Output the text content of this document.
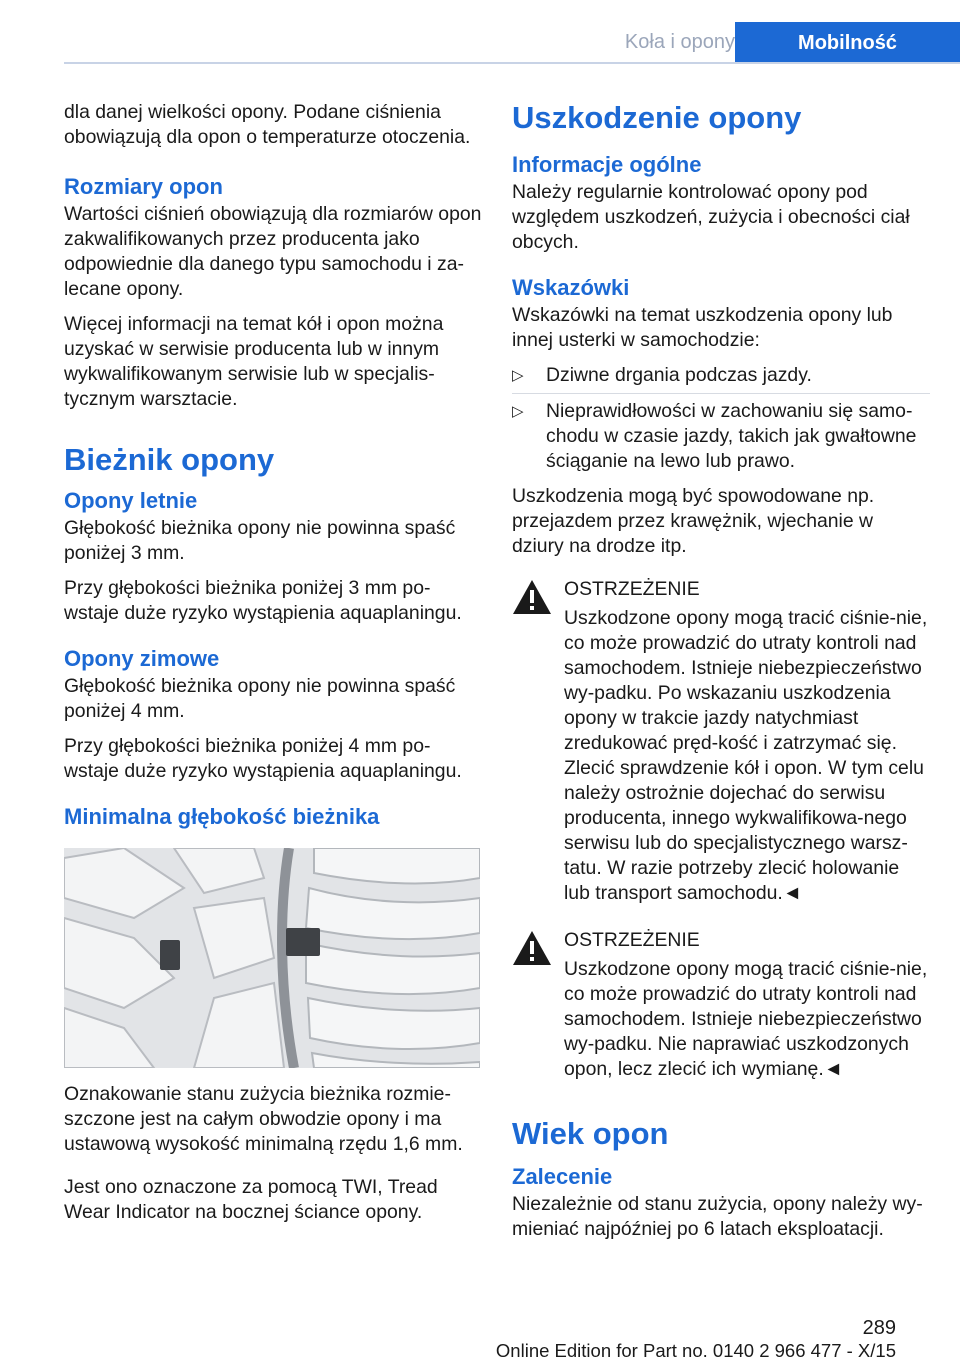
Koła i opony	Mobilność

dla danej wielkości opony. Podane ciśnienia obowiązują dla opon o temperaturze otoczenia.

Rozmiary opon

Wartości ciśnień obowiązują dla rozmiarów opon zakwalifikowanych przez producenta jako odpowiednie dla danego typu samochodu i za‐lecane opony.

Więcej informacji na temat kół i opon można uzyskać w serwisie producenta lub w innym wykwalifikowanym serwisie lub w specjalis‐tycznym warsztacie.

Bieżnik opony
Opony letnie

Głębokość bieżnika opony nie powinna spaść poniżej 3 mm.

Przy głębokości bieżnika poniżej 3 mm po‐wstaje duże ryzyko wystąpienia aquaplaningu.

Opony zimowe

Głębokość bieżnika opony nie powinna spaść poniżej 4 mm.

Przy głębokości bieżnika poniżej 4 mm po‐wstaje duże ryzyko wystąpienia aquaplaningu.

Minimalna głębokość bieżnika

Oznakowanie stanu zużycia bieżnika rozmie‐szczone jest na całym obwodzie opony i ma ustawową wysokość minimalną rzędu 1,6 mm.

Jest ono oznaczone za pomocą TWI, Tread Wear Indicator na bocznej ściance opony.

Uszkodzenie opony
Informacje ogólne

Należy regularnie kontrolować opony pod względem uszkodzeń, zużycia i obecności ciał obcych.

Wskazówki

Wskazówki na temat uszkodzenia opony lub innej usterki w samochodzie:

▷ Dziwne drgania podczas jazdy.
▷ Nieprawidłowości w zachowaniu się samo‐chodu w czasie jazdy, takich jak gwałtowne ściąganie na lewo lub prawo.

Uszkodzenia mogą być spowodowane np. przejazdem przez krawężnik, wjechanie w dziury na drodze itp.

OSTRZEŻENIE
Uszkodzone opony mogą tracić ciśnie‐nie, co może prowadzić do utraty kontroli nad samochodem. Istnieje niebezpieczeństwo wy‐padku. Po wskazaniu uszkodzenia opony w trakcie jazdy natychmiast zredukować pręd‐kość i zatrzymać się. Zlecić sprawdzenie kół i opon. W tym celu należy ostrożnie dojechać do serwisu producenta, innego wykwalifikowa‐nego serwisu lub do specjalistycznego warsz‐tatu. W razie potrzeby zlecić holowanie lub transport samochodu.◄
OSTRZEŻENIE
Uszkodzone opony mogą tracić ciśnie‐nie, co może prowadzić do utraty kontroli nad samochodem. Istnieje niebezpieczeństwo wy‐padku. Nie naprawiać uszkodzonych opon, lecz zlecić ich wymianę.◄
Wiek opon
Zalecenie

Niezależnie od stanu zużycia, opony należy wy‐mieniać najpóźniej po 6 latach eksploatacji.

289
Online Edition for Part no. 0140 2 966 477 - X/15
